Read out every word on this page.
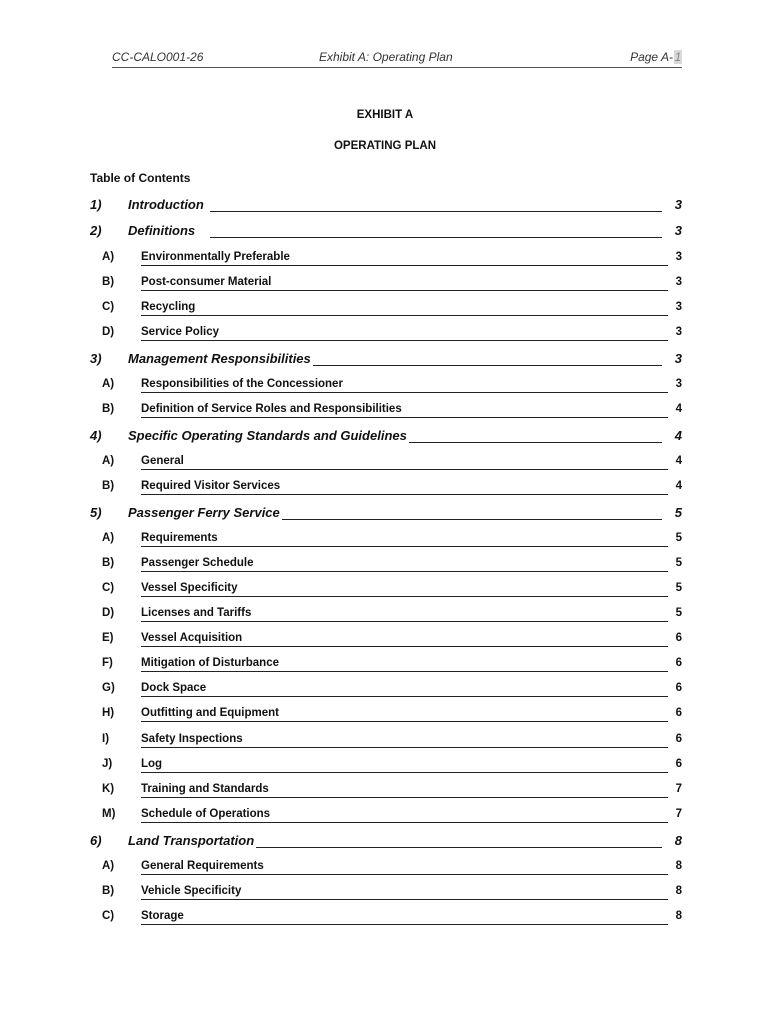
CC-CALO001-26	Exhibit A: Operating Plan	Page A- 1
EXHIBIT A
OPERATING PLAN
Table of Contents
1) Introduction	3
2) Definitions	3
A) Environmentally Preferable	3
B) Post-consumer Material	3
C) Recycling	3
D) Service Policy	3
3) Management Responsibilities	3
A) Responsibilities of the Concessioner	3
B) Definition of Service Roles and Responsibilities	4
4) Specific Operating Standards and Guidelines	4
A) General	4
B) Required Visitor Services	4
5) Passenger Ferry Service	5
A) Requirements	5
B) Passenger Schedule	5
C) Vessel Specificity	5
D) Licenses and Tariffs	5
E) Vessel Acquisition	6
F) Mitigation of Disturbance	6
G) Dock Space	6
H) Outfitting and Equipment	6
I)	Safety Inspections	6
J)	Log	6
K) Training and Standards	7
M) Schedule of Operations	7
6) Land Transportation	8
A) General Requirements	8
B) Vehicle Specificity	8
C) Storage	8
